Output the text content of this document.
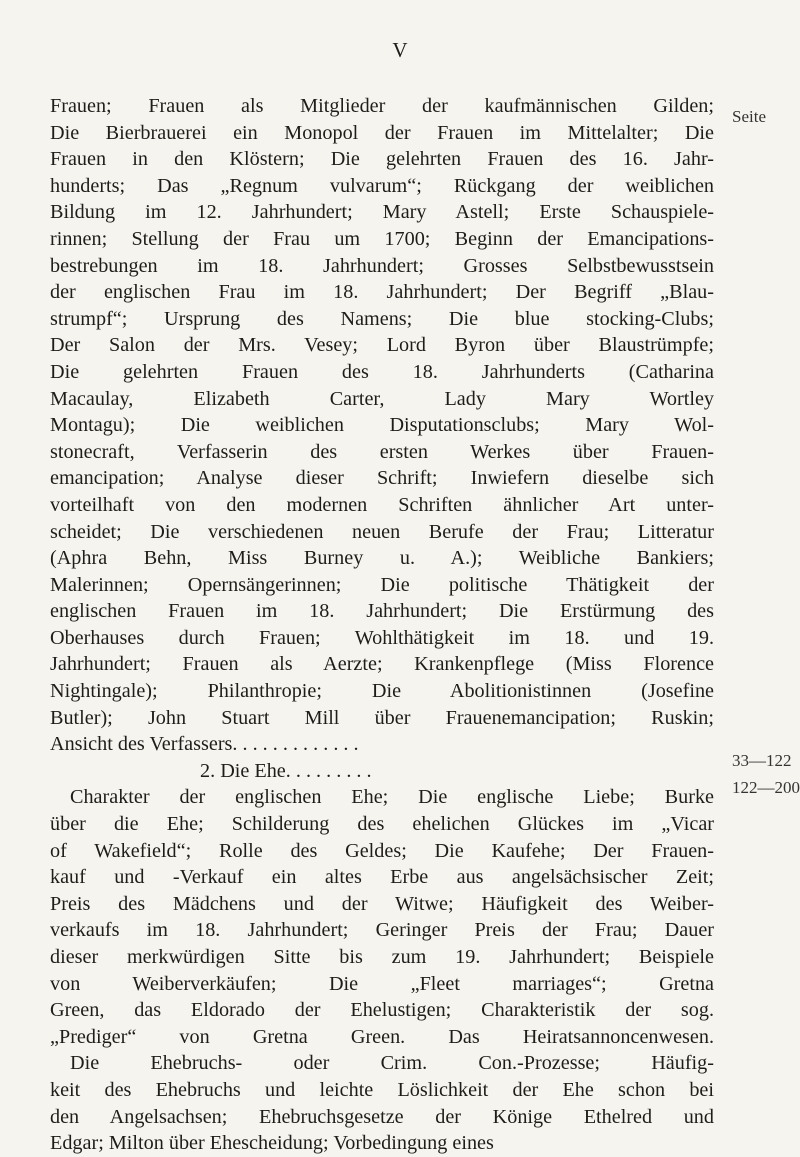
V
Seite
Frauen; Frauen als Mitglieder der kaufmännischen Gilden;
Die Bierbrauerei ein Monopol der Frauen im Mittelalter; Die
Frauen in den Klöstern; Die gelehrten Frauen des 16. Jahr-
hunderts; Das „Regnum vulvarum“; Rückgang der weiblichen
Bildung im 12. Jahrhundert; Mary Astell; Erste Schauspiele-
rinnen; Stellung der Frau um 1700; Beginn der Emancipations-
bestrebungen im 18. Jahrhundert; Grosses Selbstbewusstsein
der englischen Frau im 18. Jahrhundert; Der Begriff „Blau-
strumpf“; Ursprung des Namens; Die blue stocking-Clubs;
Der Salon der Mrs. Vesey; Lord Byron über Blaustrümpfe;
Die gelehrten Frauen des 18. Jahrhunderts (Catharina
Macaulay, Elizabeth Carter, Lady Mary Wortley
Montagu); Die weiblichen Disputationsclubs; Mary Wol-
stonecraft, Verfasserin des ersten Werkes über Frauen-
emancipation; Analyse dieser Schrift; Inwiefern dieselbe sich
vorteilhaft von den modernen Schriften ähnlicher Art unter-
scheidet; Die verschiedenen neuen Berufe der Frau; Litteratur
(Aphra Behn, Miss Burney u. A.); Weibliche Bankiers;
Malerinnen; Opernsängerinnen; Die politische Thätigkeit der
englischen Frauen im 18. Jahrhundert; Die Erstürmung des
Oberhauses durch Frauen; Wohlthätigkeit im 18. und 19.
Jahrhundert; Frauen als Aerzte; Krankenpflege (Miss Florence
Nightingale); Philanthropie; Die Abolitionistinnen (Josefine
Butler); John Stuart Mill über Frauenemancipation; Ruskin;
Ansicht des Verfassers. . . . . . . . . . . . .
2. Die Ehe. . . . . . . . .
Charakter der englischen Ehe; Die englische Liebe; Burke
über die Ehe; Schilderung des ehelichen Glückes im „Vicar
of Wakefield“; Rolle des Geldes; Die Kaufehe; Der Frauen-
kauf und -Verkauf ein altes Erbe aus angelsächsischer Zeit;
Preis des Mädchens und der Witwe; Häufigkeit des Weiber-
verkaufs im 18. Jahrhundert; Geringer Preis der Frau; Dauer
dieser merkwürdigen Sitte bis zum 19. Jahrhundert; Beispiele
von Weiberverkäufen; Die „Fleet marriages“; Gretna
Green, das Eldorado der Ehelustigen; Charakteristik der sog.
„Prediger“ von Gretna Green. Das Heiratsannoncenwesen.
Die Ehebruchs- oder Crim. Con.-Prozesse; Häufig-
keit des Ehebruchs und leichte Löslichkeit der Ehe schon bei
den Angelsachsen; Ehebruchsgesetze der Könige Ethelred und
Edgar; Milton über Ehescheidung; Vorbedingung eines
33—122
122—200
